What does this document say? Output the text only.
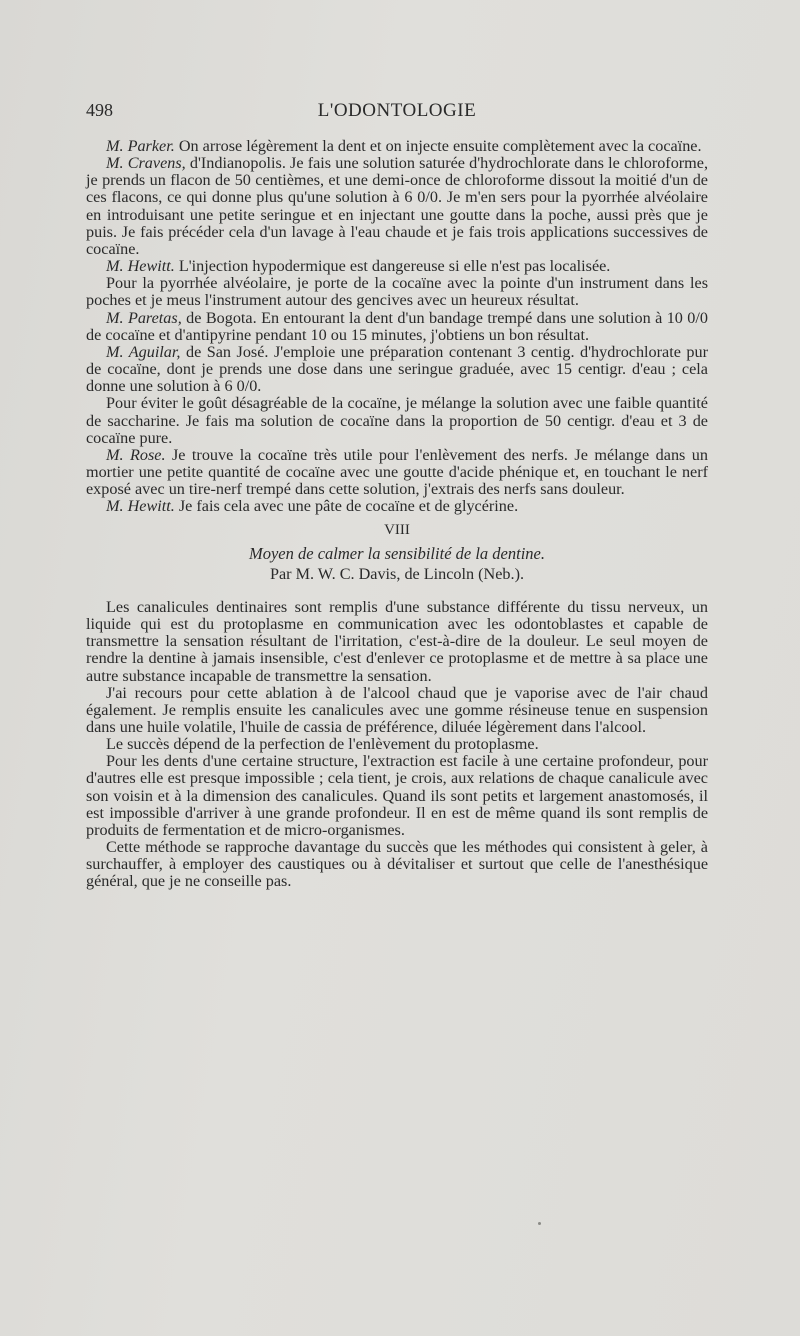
498	L'ODONTOLOGIE

M. Parker. On arrose légèrement la dent et on injecte ensuite complètement avec la cocaïne.

M. Cravens, d'Indianopolis. Je fais une solution saturée d'hydrochlorate dans le chloroforme, je prends un flacon de 50 centièmes, et une demi-once de chloroforme dissout la moitié d'un de ces flacons, ce qui donne plus qu'une solution à 6 0/0. Je m'en sers pour la pyorrhée alvéolaire en introduisant une petite seringue et en injectant une goutte dans la poche, aussi près que je puis. Je fais précéder cela d'un lavage à l'eau chaude et je fais trois applications successives de cocaïne.

M. Hewitt. L'injection hypodermique est dangereuse si elle n'est pas localisée.

Pour la pyorrhée alvéolaire, je porte de la cocaïne avec la pointe d'un instrument dans les poches et je meus l'instrument autour des gencives avec un heureux résultat.

M. Paretas, de Bogota. En entourant la dent d'un bandage trempé dans une solution à 10 0/0 de cocaïne et d'antipyrine pendant 10 ou 15 minutes, j'obtiens un bon résultat.

M. Aguilar, de San José. J'emploie une préparation contenant 3 centig. d'hydrochlorate pur de cocaïne, dont je prends une dose dans une seringue graduée, avec 15 centigr. d'eau ; cela donne une solution à 6 0/0.

Pour éviter le goût désagréable de la cocaïne, je mélange la solution avec une faible quantité de saccharine. Je fais ma solution de cocaïne dans la proportion de 50 centigr. d'eau et 3 de cocaïne pure.

M. Rose. Je trouve la cocaïne très utile pour l'enlèvement des nerfs. Je mélange dans un mortier une petite quantité de cocaïne avec une goutte d'acide phénique et, en touchant le nerf exposé avec un tire-nerf trempé dans cette solution, j'extrais des nerfs sans douleur.

M. Hewitt. Je fais cela avec une pâte de cocaïne et de glycérine.

VIII

Moyen de calmer la sensibilité de la dentine.

Par M. W. C. Davis, de Lincoln (Neb.).

Les canalicules dentinaires sont remplis d'une substance différente du tissu nerveux, un liquide qui est du protoplasme en communication avec les odontoblastes et capable de transmettre la sensation résultant de l'irritation, c'est-à-dire de la douleur. Le seul moyen de rendre la dentine à jamais insensible, c'est d'enlever ce protoplasme et de mettre à sa place une autre substance incapable de transmettre la sensation.

J'ai recours pour cette ablation à de l'alcool chaud que je vaporise avec de l'air chaud également. Je remplis ensuite les canalicules avec une gomme résineuse tenue en suspension dans une huile volatile, l'huile de cassia de préférence, diluée légèrement dans l'alcool.

Le succès dépend de la perfection de l'enlèvement du protoplasme.

Pour les dents d'une certaine structure, l'extraction est facile à une certaine profondeur, pour d'autres elle est presque impossible ; cela tient, je crois, aux relations de chaque canalicule avec son voisin et à la dimension des canalicules. Quand ils sont petits et largement anastomosés, il est impossible d'arriver à une grande profondeur. Il en est de même quand ils sont remplis de produits de fermentation et de micro-organismes.

Cette méthode se rapproche davantage du succès que les méthodes qui consistent à geler, à surchauffer, à employer des caustiques ou à dévitaliser et surtout que celle de l'anesthésique général, que je ne conseille pas.
